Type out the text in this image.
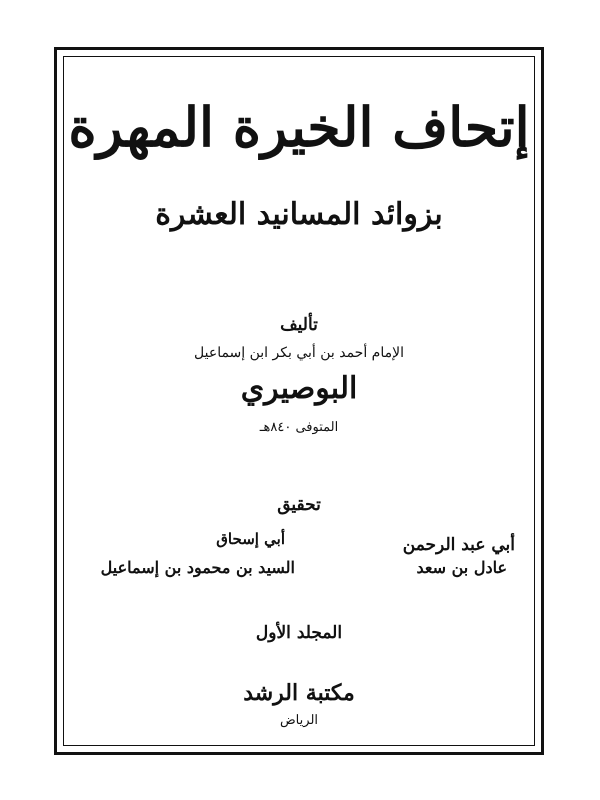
إتحاف الخيرة المهرة
بزوائد المسانيد العشرة
تأليف
الإمام أحمد بن أبي بكر ابن إسماعيل
البوصيري
المتوفى ٨٤٠هـ
تحقيق
أبي عبد الرحمن
عادل بن سعد
أبي إسحاق
السيد بن محمود بن إسماعيل
المجلد الأول
مكتبة الرشد
الرياض
